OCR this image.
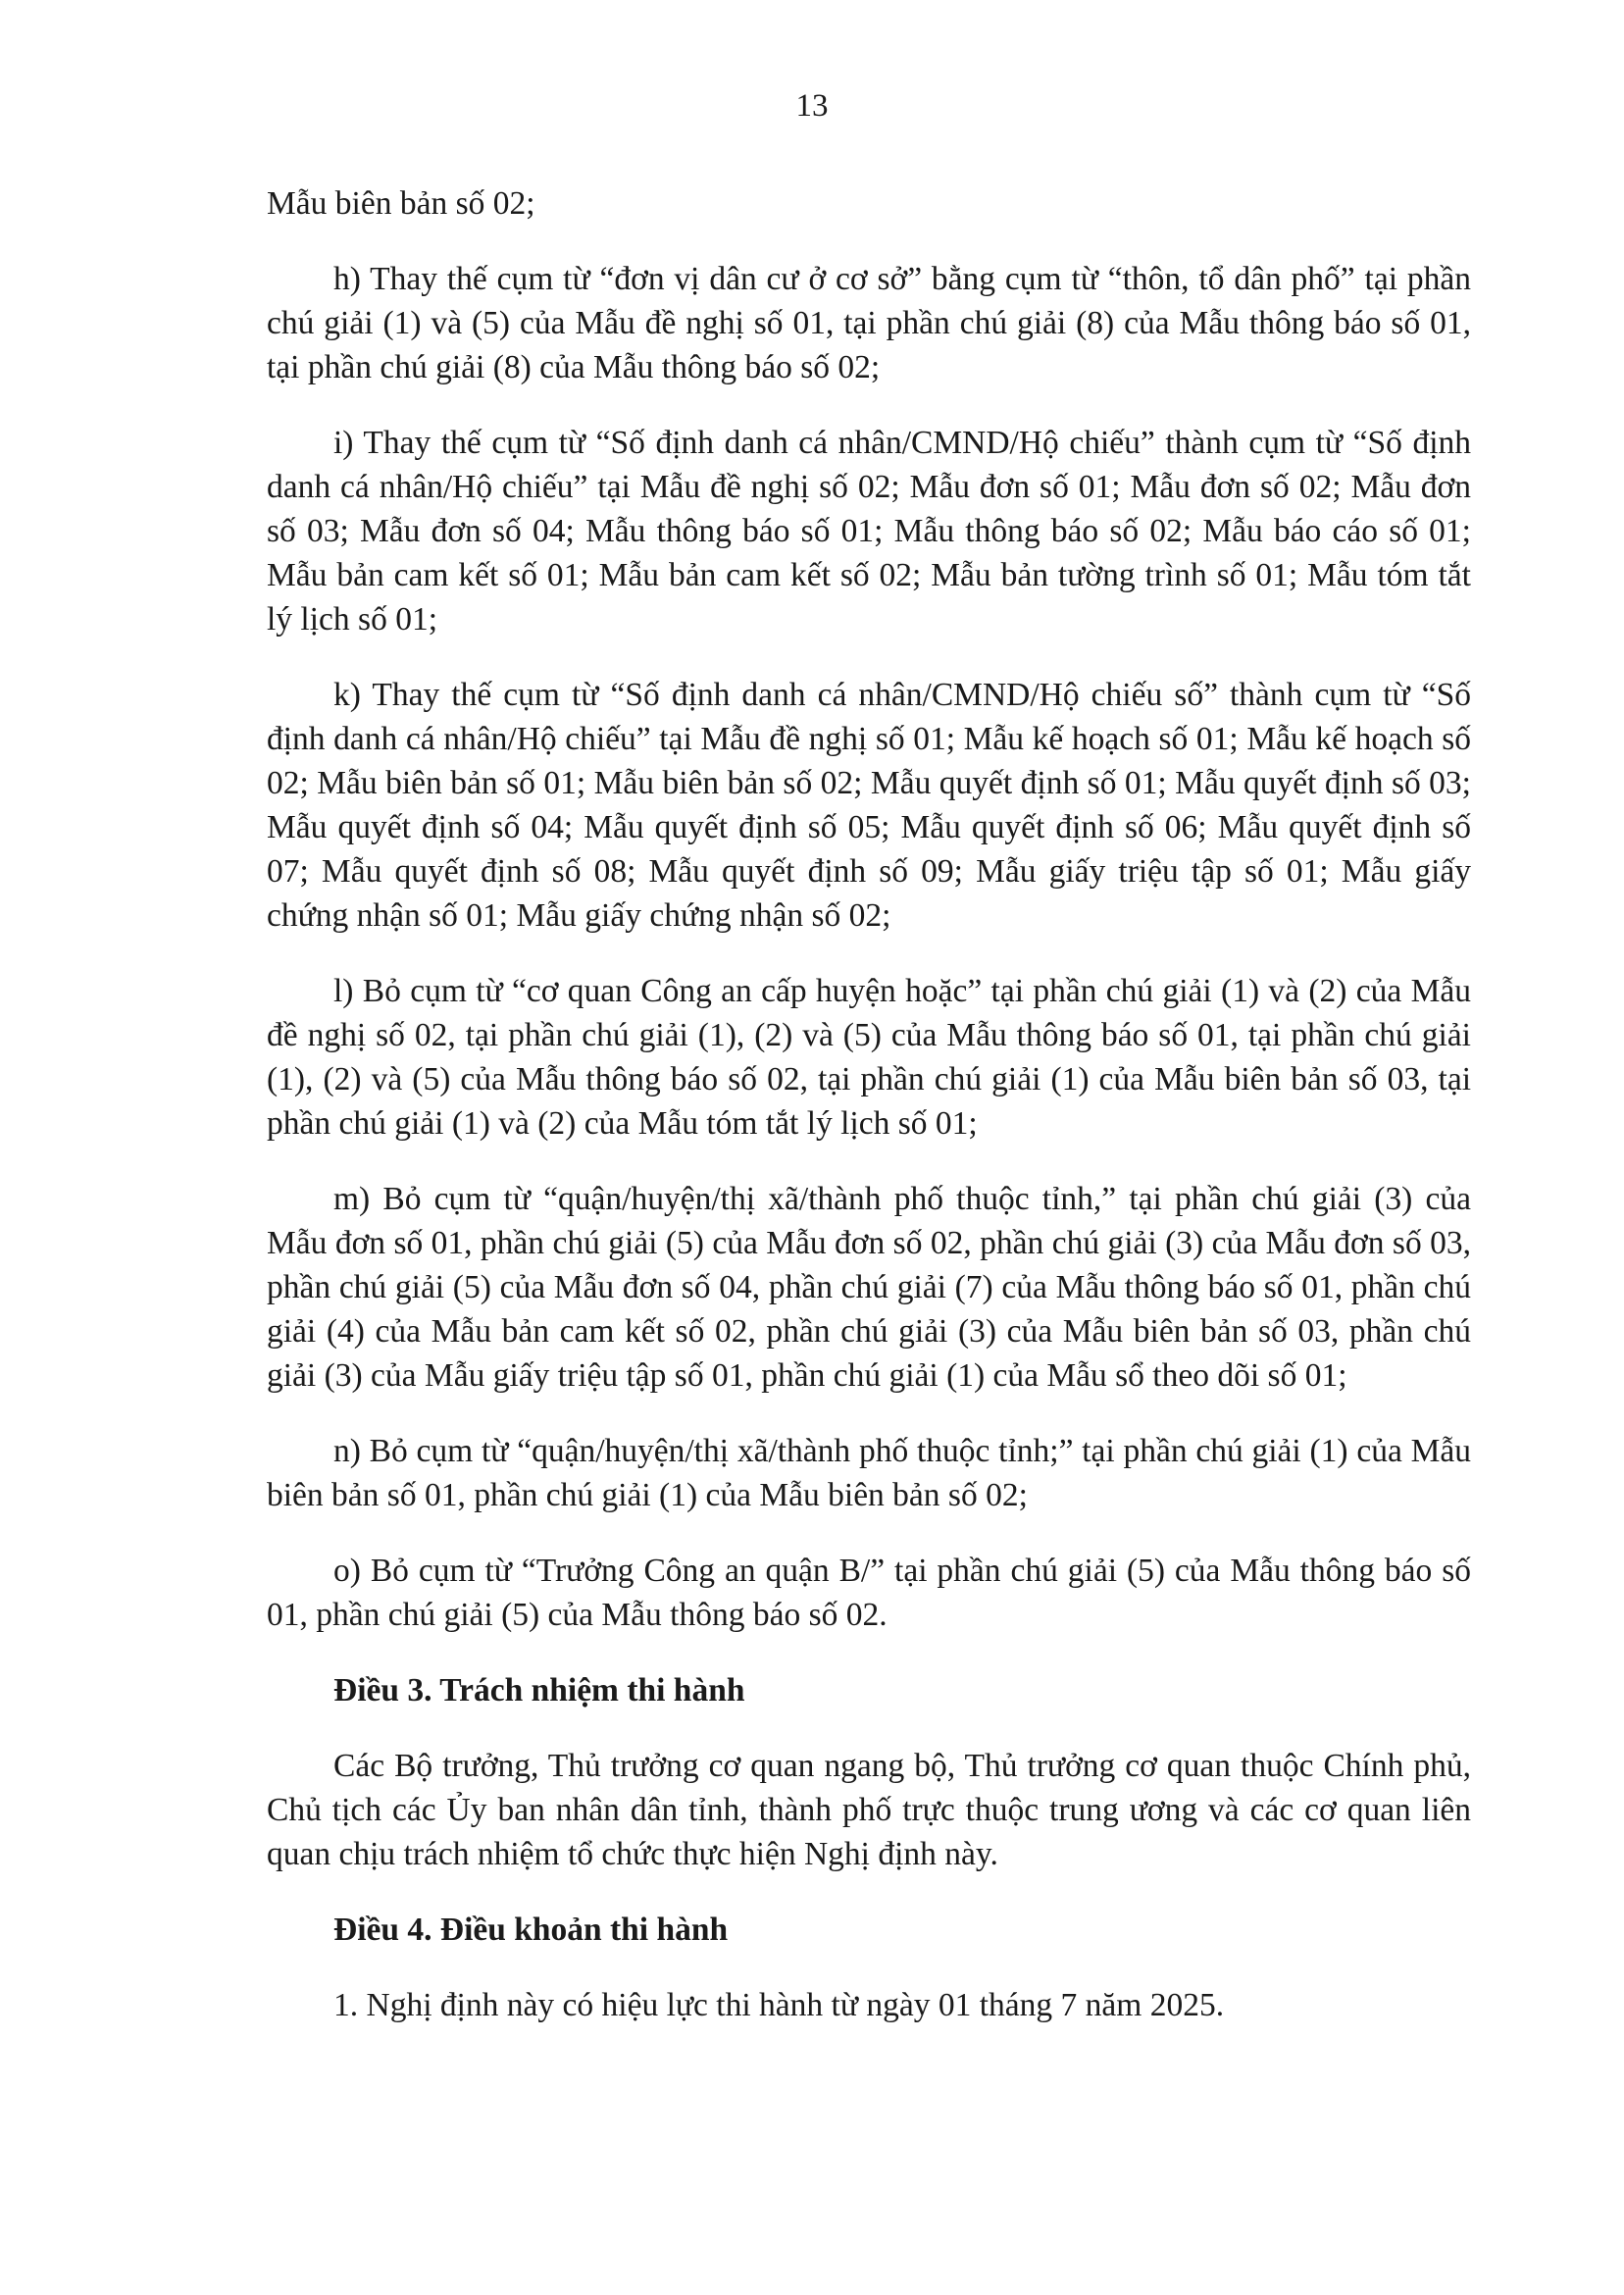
13

Mẫu biên bản số 02;

h) Thay thế cụm từ “đơn vị dân cư ở cơ sở” bằng cụm từ “thôn, tổ dân phố” tại phần chú giải (1) và (5) của Mẫu đề nghị số 01, tại phần chú giải (8) của Mẫu thông báo số 01, tại phần chú giải (8) của Mẫu thông báo số 02;

i) Thay thế cụm từ “Số định danh cá nhân/CMND/Hộ chiếu” thành cụm từ “Số định danh cá nhân/Hộ chiếu” tại Mẫu đề nghị số 02; Mẫu đơn số 01; Mẫu đơn số 02; Mẫu đơn số 03; Mẫu đơn số 04; Mẫu thông báo số 01; Mẫu thông báo số 02; Mẫu báo cáo số 01; Mẫu bản cam kết số 01; Mẫu bản cam kết số 02; Mẫu bản tường trình số 01; Mẫu tóm tắt lý lịch số 01;

k) Thay thế cụm từ “Số định danh cá nhân/CMND/Hộ chiếu số” thành cụm từ “Số định danh cá nhân/Hộ chiếu” tại Mẫu đề nghị số 01; Mẫu kế hoạch số 01; Mẫu kế hoạch số 02; Mẫu biên bản số 01; Mẫu biên bản số 02; Mẫu quyết định số 01; Mẫu quyết định số 03; Mẫu quyết định số 04; Mẫu quyết định số 05; Mẫu quyết định số 06; Mẫu quyết định số 07; Mẫu quyết định số 08; Mẫu quyết định số 09; Mẫu giấy triệu tập số 01; Mẫu giấy chứng nhận số 01; Mẫu giấy chứng nhận số 02;

l) Bỏ cụm từ “cơ quan Công an cấp huyện hoặc” tại phần chú giải (1) và (2) của Mẫu đề nghị số 02, tại phần chú giải (1), (2) và (5) của Mẫu thông báo số 01, tại phần chú giải (1), (2) và (5) của Mẫu thông báo số 02, tại phần chú giải (1) của Mẫu biên bản số 03, tại phần chú giải (1) và (2) của Mẫu tóm tắt lý lịch số 01;

m) Bỏ cụm từ “quận/huyện/thị xã/thành phố thuộc tỉnh,” tại phần chú giải (3) của Mẫu đơn số 01, phần chú giải (5) của Mẫu đơn số 02, phần chú giải (3) của Mẫu đơn số 03, phần chú giải (5) của Mẫu đơn số 04, phần chú giải (7) của Mẫu thông báo số 01, phần chú giải (4) của Mẫu bản cam kết số 02, phần chú giải (3) của Mẫu biên bản số 03, phần chú giải (3) của Mẫu giấy triệu tập số 01, phần chú giải (1) của Mẫu sổ theo dõi số 01;

n) Bỏ cụm từ “quận/huyện/thị xã/thành phố thuộc tỉnh;” tại phần chú giải (1) của Mẫu biên bản số 01, phần chú giải (1) của Mẫu biên bản số 02;

o) Bỏ cụm từ “Trưởng Công an quận B/” tại phần chú giải (5) của Mẫu thông báo số 01, phần chú giải (5) của Mẫu thông báo số 02.

Điều 3. Trách nhiệm thi hành

Các Bộ trưởng, Thủ trưởng cơ quan ngang bộ, Thủ trưởng cơ quan thuộc Chính phủ, Chủ tịch các Ủy ban nhân dân tỉnh, thành phố trực thuộc trung ương và các cơ quan liên quan chịu trách nhiệm tổ chức thực hiện Nghị định này.

Điều 4. Điều khoản thi hành

1. Nghị định này có hiệu lực thi hành từ ngày 01 tháng 7 năm 2025.
